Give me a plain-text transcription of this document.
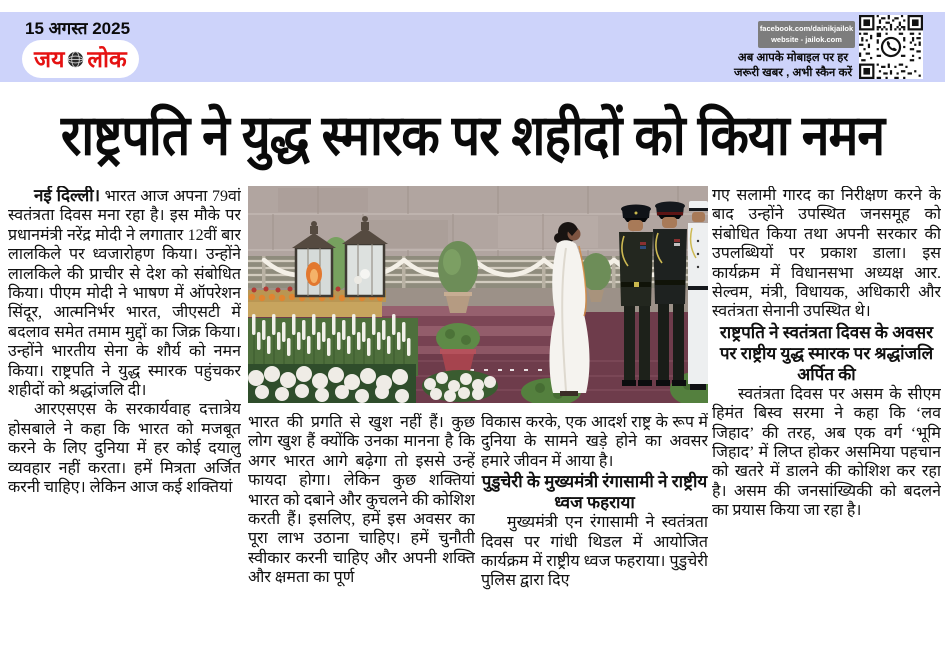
15 अगस्त 2025
जय लोक
facebook.com/dainikjailok
website - jailok.com
अब आपके मोबाइल पर हर
जरूरी खबर , अभी स्कैन करें
राष्ट्रपति ने युद्ध स्मारक पर शहीदों को किया नमन

नई दिल्ली। भारत आज अपना 79वां स्वतंत्रता दिवस मना रहा है। इस मौके पर प्रधानमंत्री नरेंद्र मोदी ने लगातार 12वीं बार लालकिले पर ध्वजारोहण किया। उन्होंने लालकिले की प्राचीर से देश को संबोधित किया। पीएम मोदी ने भाषण में ऑपरेशन सिंदूर, आत्मनिर्भर भारत, जीएसटी में बदलाव समेत तमाम मुद्दों का जिक्र किया। उन्होंने भारतीय सेना के शौर्य को नमन किया। राष्ट्रपति ने युद्ध स्मारक पहुंचकर शहीदों को श्रद्धांजलि दी।

आरएसएस के सरकार्यवाह दत्तात्रेय होसबाले ने कहा कि भारत को मजबूत करने के लिए दुनिया में हर कोई दयालु व्यवहार नहीं करता। हमें मित्रता अर्जित करनी चाहिए। लेकिन आज कई शक्तियां

भारत की प्रगति से खुश नहीं हैं। कुछ लोग खुश हैं क्योंकि उनका मानना है कि अगर भारत आगे बढ़ेगा तो इससे उन्हें फायदा होगा। लेकिन कुछ शक्तियां भारत को दबाने और कुचलने की कोशिश करती हैं। इसलिए, हमें इस अवसर का पूरा लाभ उठाना चाहिए। हमें चुनौती स्वीकार करनी चाहिए और अपनी शक्ति और क्षमता का पूर्ण

विकास करके, एक आदर्श राष्ट्र के रूप में दुनिया के सामने खड़े होने का अवसर हमारे जीवन में आया है।

पुडुचेरी के मुख्यमंत्री रंगासामी ने राष्ट्रीय ध्वज फहराया

मुख्यमंत्री एन रंगासामी ने स्वतंत्रता दिवस पर गांधी थिडल में आयोजित कार्यक्रम में राष्ट्रीय ध्वज फहराया। पुडुचेरी पुलिस द्वारा दिए

गए सलामी गारद का निरीक्षण करने के बाद उन्होंने उपस्थित जनसमूह को संबोधित किया तथा अपनी सरकार की उपलब्धियों पर प्रकाश डाला। इस कार्यक्रम में विधानसभा अध्यक्ष आर. सेल्वम, मंत्री, विधायक, अधिकारी और स्वतंत्रता सेनानी उपस्थित थे।

राष्ट्रपति ने स्वतंत्रता दिवस के अवसर पर राष्ट्रीय युद्ध स्मारक पर श्रद्धांजलि अर्पित की

स्वतंत्रता दिवस पर असम के सीएम हिमंत बिस्व सरमा ने कहा कि ‘लव जिहाद’ की तरह, अब एक वर्ग ‘भूमि जिहाद’ में लिप्त होकर असमिया पहचान को खतरे में डालने की कोशिश कर रहा है। असम की जनसांख्यिकी को बदलने का प्रयास किया जा रहा है।
